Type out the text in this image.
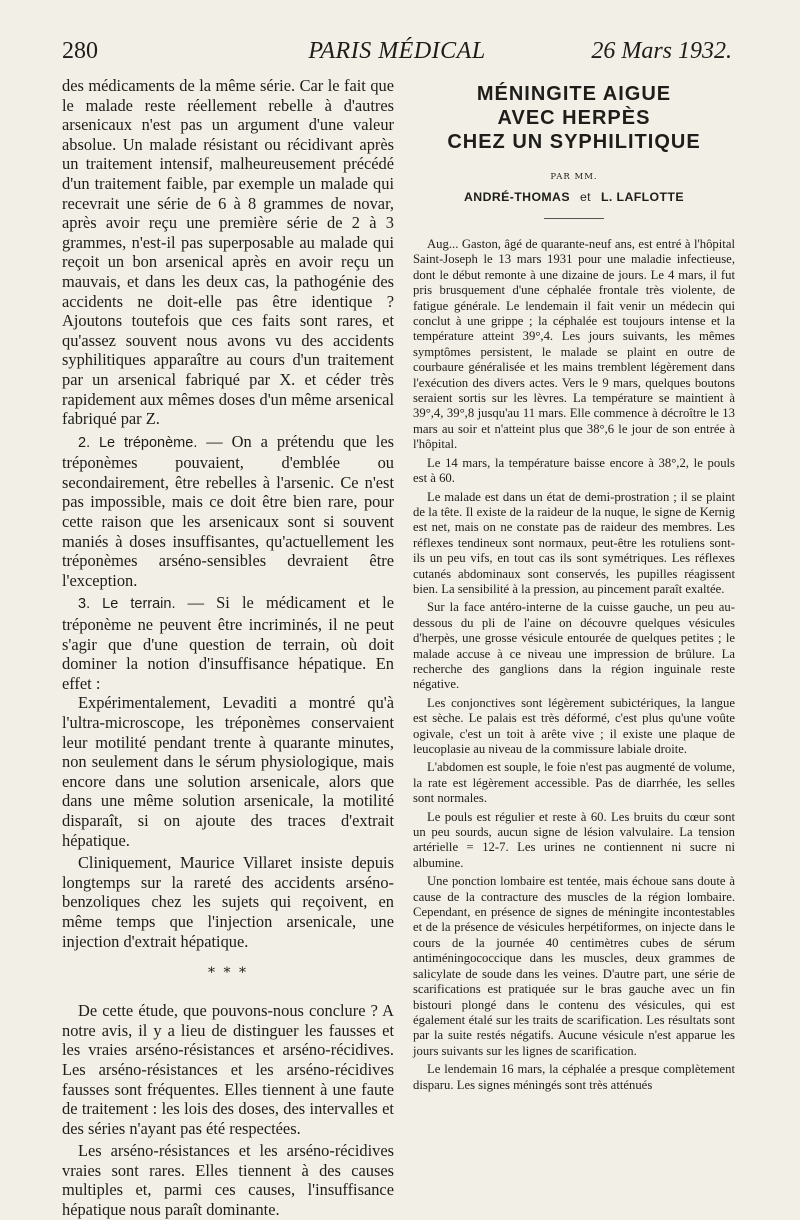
280	PARIS MÉDICAL	26 Mars 1932.

des médicaments de la même série. Car le fait que le malade reste réellement rebelle à d'autres arsenicaux n'est pas un argument d'une valeur absolue. Un malade résistant ou récidivant après un traitement intensif, malheureusement précédé d'un traitement faible, par exemple un malade qui recevrait une série de 6 à 8 grammes de novar, après avoir reçu une première série de 2 à 3 grammes, n'est-il pas superposable au malade qui reçoit un bon arsenical après en avoir reçu un mauvais, et dans les deux cas, la pathogénie des accidents ne doit-elle pas être identique ? Ajoutons toutefois que ces faits sont rares, et qu'assez souvent nous avons vu des accidents syphilitiques apparaître au cours d'un traitement par un arsenical fabriqué par X. et céder très rapidement aux mêmes doses d'un même arsenical fabriqué par Z.

2. Le tréponème. — On a prétendu que les tréponèmes pouvaient, d'emblée ou secondairement, être rebelles à l'arsenic. Ce n'est pas impossible, mais ce doit être bien rare, pour cette raison que les arsenicaux sont si souvent maniés à doses insuffisantes, qu'actuellement les tréponèmes arséno-sensibles devraient être l'exception.

3. Le terrain. — Si le médicament et le tréponème ne peuvent être incriminés, il ne peut s'agir que d'une question de terrain, où doit dominer la notion d'insuffisance hépatique. En effet :

Expérimentalement, Levaditi a montré qu'à l'ultra-microscope, les tréponèmes conservaient leur motilité pendant trente à quarante minutes, non seulement dans le sérum physiologique, mais encore dans une solution arsenicale, alors que dans une même solution arsenicale, la motilité disparaît, si on ajoute des traces d'extrait hépatique.

Cliniquement, Maurice Villaret insiste depuis longtemps sur la rareté des accidents arséno-benzoliques chez les sujets qui reçoivent, en même temps que l'injection arsenicale, une injection d'extrait hépatique.

* * *

De cette étude, que pouvons-nous conclure ? A notre avis, il y a lieu de distinguer les fausses et les vraies arséno-résistances et arséno-récidives. Les arséno-résistances et les arséno-récidives fausses sont fréquentes. Elles tiennent à une faute de traitement : les lois des doses, des intervalles et des séries n'ayant pas été respectées.

Les arséno-résistances et les arséno-récidives vraies sont rares. Elles tiennent à des causes multiples et, parmi ces causes, l'insuffisance hépatique nous paraît dominante.

MÉNINGITE AIGUE
AVEC HERPÈS
CHEZ UN SYPHILITIQUE
PAR MM.
ANDRÉ-THOMAS et L. LAFLOTTE

Aug... Gaston, âgé de quarante-neuf ans, est entré à l'hôpital Saint-Joseph le 13 mars 1931 pour une maladie infectieuse, dont le début remonte à une dizaine de jours. Le 4 mars, il fut pris brusquement d'une céphalée frontale très violente, de fatigue générale. Le lendemain il fait venir un médecin qui conclut à une grippe ; la céphalée est toujours intense et la température atteint 39°,4. Les jours suivants, les mêmes symptômes persistent, le malade se plaint en outre de courbaure généralisée et les mains tremblent légèrement dans l'exécution des divers actes. Vers le 9 mars, quelques boutons seraient sortis sur les lèvres. La température se maintient à 39°,4, 39°,8 jusqu'au 11 mars. Elle commence à décroître le 13 mars au soir et n'atteint plus que 38°,6 le jour de son entrée à l'hôpital.

Le 14 mars, la température baisse encore à 38°,2, le pouls est à 60.

Le malade est dans un état de demi-prostration ; il se plaint de la tête. Il existe de la raideur de la nuque, le signe de Kernig est net, mais on ne constate pas de raideur des membres. Les réflexes tendineux sont normaux, peut-être les rotuliens sont-ils un peu vifs, en tout cas ils sont symétriques. Les réflexes cutanés abdominaux sont conservés, les pupilles réagissent bien. La sensibilité à la pression, au pincement paraît exaltée.

Sur la face antéro-interne de la cuisse gauche, un peu au-dessous du pli de l'aine on découvre quelques vésicules d'herpès, une grosse vésicule entourée de quelques petites ; le malade accuse à ce niveau une impression de brûlure. La recherche des ganglions dans la région inguinale reste négative.

Les conjonctives sont légèrement subictériques, la langue est sèche. Le palais est très déformé, c'est plus qu'une voûte ogivale, c'est un toit à arête vive ; il existe une plaque de leucoplasie au niveau de la commissure labiale droite.

L'abdomen est souple, le foie n'est pas augmenté de volume, la rate est légèrement accessible. Pas de diarrhée, les selles sont normales.

Le pouls est régulier et reste à 60. Les bruits du cœur sont un peu sourds, aucun signe de lésion valvulaire. La tension artérielle = 12-7. Les urines ne contiennent ni sucre ni albumine.

Une ponction lombaire est tentée, mais échoue sans doute à cause de la contracture des muscles de la région lombaire. Cependant, en présence de signes de méningite incontestables et de la présence de vésicules herpétiformes, on injecte dans le cours de la journée 40 centimètres cubes de sérum antiméningococcique dans les muscles, deux grammes de salicylate de soude dans les veines. D'autre part, une série de scarifications est pratiquée sur le bras gauche avec un fin bistouri plongé dans le contenu des vésicules, qui est également étalé sur les traits de scarification. Les résultats sont par la suite restés négatifs. Aucune vésicule n'est apparue les jours suivants sur les lignes de scarification.

Le lendemain 16 mars, la céphalée a presque complètement disparu. Les signes méningés sont très atténués
